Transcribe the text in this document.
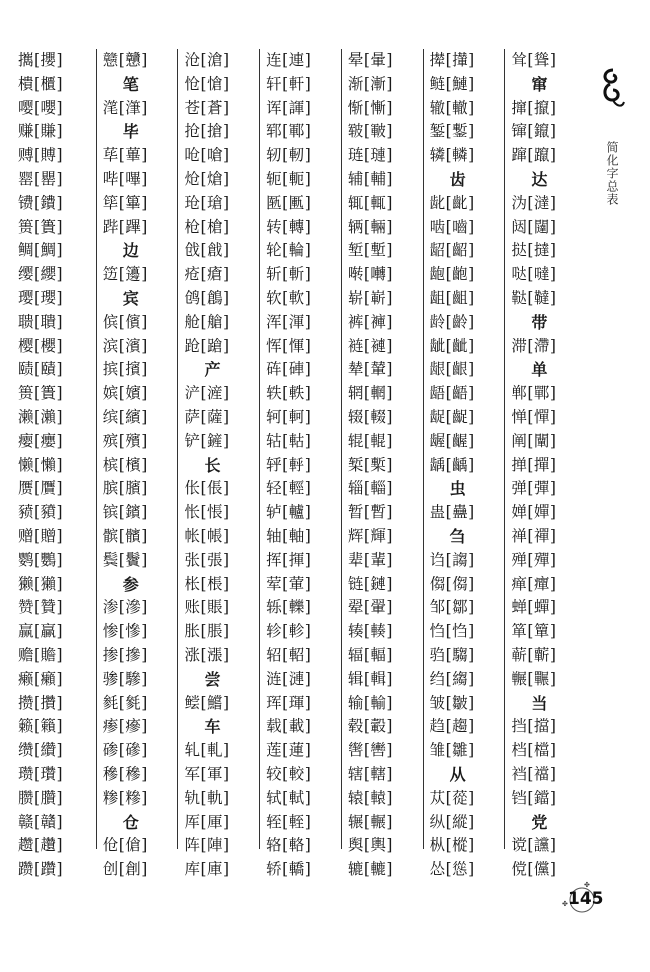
𢹂[攖]
樻[櫃]
嘤[嚶]
赚[賺]
赙[賻]
罂[罌]
镄[鐨]
篑[簣]
鲷[鯛]
缨[纓]
璎[瓔]
聩[聵]
樱[櫻]
赜[賾]
篑[簣]
濑[瀨]
瘿[癭]
懒[懶]
赝[贋]
豮[豶]
赠[贈]
鹦[鸚]
獭[獺]
赞[贊]
赢[贏]
赡[贍]
癞[癩]
攒[攢]
籁[籟]
缵[纘]
瓒[瓚]
臜[臢]
赣[贛]
趱[趲]
躜[躦]
戆[戇]
笔
滗[潷]
毕
荜[蓽]
哔[嗶]
筚[篳]
跸[蹕]
边
笾[籩]
宾
傧[儐]
滨[濱]
摈[擯]
嫔[嬪]
缤[繽]
殡[殯]
槟[檳]
膑[臏]
镔[鑌]
髌[髕]
鬓[鬢]
参
渗[滲]
惨[慘]
掺[摻]
骖[驂]
毵[毿]
瘆[瘮]
碜[磣]
穇[穇]
糁[糝]
仓
伧[傖]
创[創]
沧[滄]
怆[愴]
苍[蒼]
抢[搶]
呛[嗆]
炝[熗]
玱[瑲]
枪[槍]
戗[戧]
疮[瘡]
鸧[鶬]
舱[艙]
跄[蹌]
产
浐[滻]
萨[薩]
铲[鏟]
长
伥[倀]
怅[悵]
帐[帳]
张[張]
枨[棖]
账[賬]
胀[脹]
涨[漲]
尝
鲿[鱨]
车
轧[軋]
军[軍]
轨[軌]
厍[厙]
阵[陣]
库[庫]
连[連]
轩[軒]
诨[諢]
郓[鄆]
轫[軔]
轭[軛]
匦[匭]
转[轉]
轮[輪]
斩[斬]
软[軟]
浑[渾]
恽[惲]
砗[硨]
轶[軼]
轲[軻]
轱[軲]
轷[軤]
轻[輕]
轳[轤]
轴[軸]
挥[揮]
荤[葷]
轹[轢]
轸[軫]
轺[軺]
涟[漣]
珲[琿]
载[載]
莲[蓮]
较[較]
轼[軾]
轾[輊]
辂[輅]
轿[轎]
晕[暈]
渐[漸]
惭[慚]
皲[皸]
琏[璉]
辅[輔]
辄[輒]
辆[輛]
堑[塹]
啭[囀]
崭[嶄]
裤[褲]
裢[褳]
辇[輦]
辋[輞]
辍[輟]
辊[輥]
椠[槧]
辎[輜]
暂[暫]
辉[輝]
辈[輩]
链[鏈]
翚[翬]
辏[輳]
辐[輻]
辑[輯]
输[輸]
毂[轂]
辔[轡]
辖[轄]
辕[轅]
辗[輾]
舆[輿]
辘[轆]
撵[攆]
鲢[鰱]
辙[轍]
錾[鏨]
辚[轔]
齿
龀[齔]
啮[嚙]
龆[齠]
龅[齙]
龃[齟]
龄[齡]
龇[齜]
龈[齦]
龉[齬]
龊[齪]
龌[齷]
龋[齲]
虫
蛊[蠱]
刍
诌[謅]
㑳[㑳]
邹[鄒]
㤘[㤘]
驺[騶]
绉[縐]
皱[皺]
趋[趨]
雏[雛]
从
苁[蓯]
纵[縱]
枞[樅]
怂[慫]
耸[聳]
窜
撺[攛]
镩[鑹]
蹿[躥]
达
沩[澾]
闼[闥]
挞[撻]
哒[噠]
鞑[韃]
带
滞[滯]
单
郸[鄲]
惮[憚]
阐[闡]
掸[撣]
弹[彈]
婵[嬋]
禅[禪]
殚[殫]
瘅[癉]
蝉[蟬]
箪[簞]
蕲[蘄]
冁[囅]
当
挡[擋]
档[檔]
裆[襠]
铛[鐺]
党
谠[讜]
傥[儻]
简化字总表
✤
✤
145
